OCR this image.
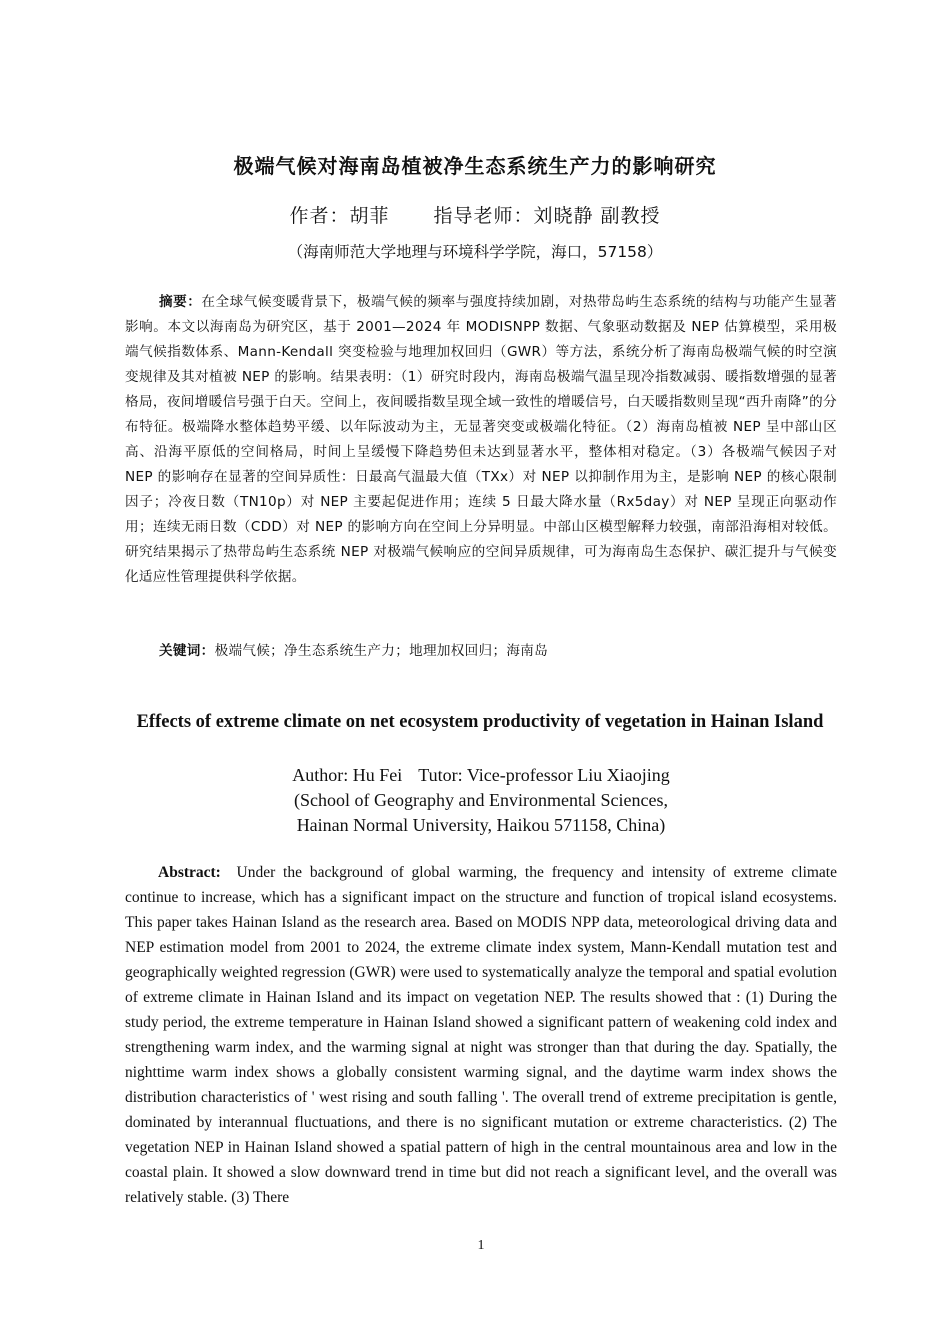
极端气候对海南岛植被净生态系统生产力的影响研究
作者：胡菲 指导老师：刘晓静 副教授
（海南师范大学地理与环境科学学院，海口，57158）
摘要：在全球气候变暖背景下，极端气候的频率与强度持续加剧，对热带岛屿生态系统的结构与功能产生显著影响。本文以海南岛为研究区，基于 2001—2024 年 MODISNPP 数据、气象驱动数据及 NEP 估算模型，采用极端气候指数体系、Mann-Kendall 突变检验与地理加权回归（GWR）等方法，系统分析了海南岛极端气候的时空演变规律及其对植被 NEP 的影响。结果表明：（1）研究时段内，海南岛极端气温呈现冷指数减弱、暖指数增强的显著格局，夜间增暖信号强于白天。空间上，夜间暖指数呈现全域一致性的增暖信号，白天暖指数则呈现“西升南降”的分布特征。极端降水整体趋势平缓、以年际波动为主，无显著突变或极端化特征。（2）海南岛植被 NEP 呈中部山区高、沿海平原低的空间格局，时间上呈缓慢下降趋势但未达到显著水平，整体相对稳定。（3）各极端气候因子对 NEP 的影响存在显著的空间异质性：日最高气温最大值（TXx）对 NEP 以抑制作用为主，是影响 NEP 的核心限制因子；冷夜日数（TN10p）对 NEP 主要起促进作用；连续 5 日最大降水量（Rx5day）对 NEP 呈现正向驱动作用；连续无雨日数（CDD）对 NEP 的影响方向在空间上分异明显。中部山区模型解释力较强，南部沿海相对较低。研究结果揭示了热带岛屿生态系统 NEP 对极端气候响应的空间异质规律，可为海南岛生态保护、碳汇提升与气候变化适应性管理提供科学依据。
关键词：极端气候；净生态系统生产力；地理加权回归；海南岛
Effects of extreme climate on net ecosystem productivity of vegetation in Hainan Island
Author: Hu Fei Tutor: Vice-professor Liu Xiaojing
(School of Geography and Environmental Sciences,
Hainan Normal University, Haikou 571158, China)
Abstract: Under the background of global warming, the frequency and intensity of extreme climate continue to increase, which has a significant impact on the structure and function of tropical island ecosystems. This paper takes Hainan Island as the research area. Based on MODIS NPP data, meteorological driving data and NEP estimation model from 2001 to 2024, the extreme climate index system, Mann-Kendall mutation test and geographically weighted regression (GWR) were used to systematically analyze the temporal and spatial evolution of extreme climate in Hainan Island and its impact on vegetation NEP. The results showed that : (1) During the study period, the extreme temperature in Hainan Island showed a significant pattern of weakening cold index and strengthening warm index, and the warming signal at night was stronger than that during the day. Spatially, the nighttime warm index shows a globally consistent warming signal, and the daytime warm index shows the distribution characteristics of ' west rising and south falling '. The overall trend of extreme precipitation is gentle, dominated by interannual fluctuations, and there is no significant mutation or extreme characteristics. (2) The vegetation NEP in Hainan Island showed a spatial pattern of high in the central mountainous area and low in the coastal plain. It showed a slow downward trend in time but did not reach a significant level, and the overall was relatively stable. (3) There
1
